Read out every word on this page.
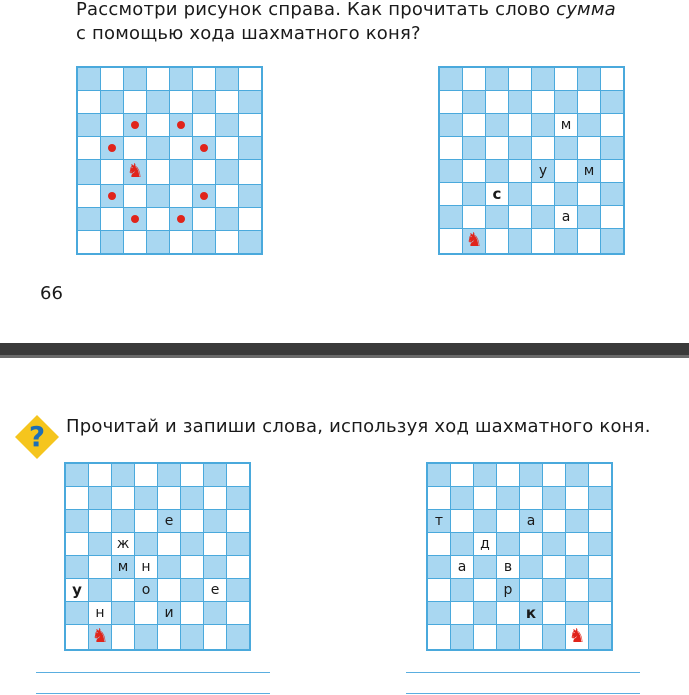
Рассмотри рисунок справа. Как прочитать слово сумма
с помощью хода шахматного коня?

		♞					

					м		

				у		м	
		с					
					а		
	♞						
66
? Прочитай и запиши слова, используя ход шахматного коня.

				е			
		ж					
		м	н				
у			о			е	
	н			и			
	♞						

т				а			
		д					
	а		в				
			р				
				к			
						♞	
